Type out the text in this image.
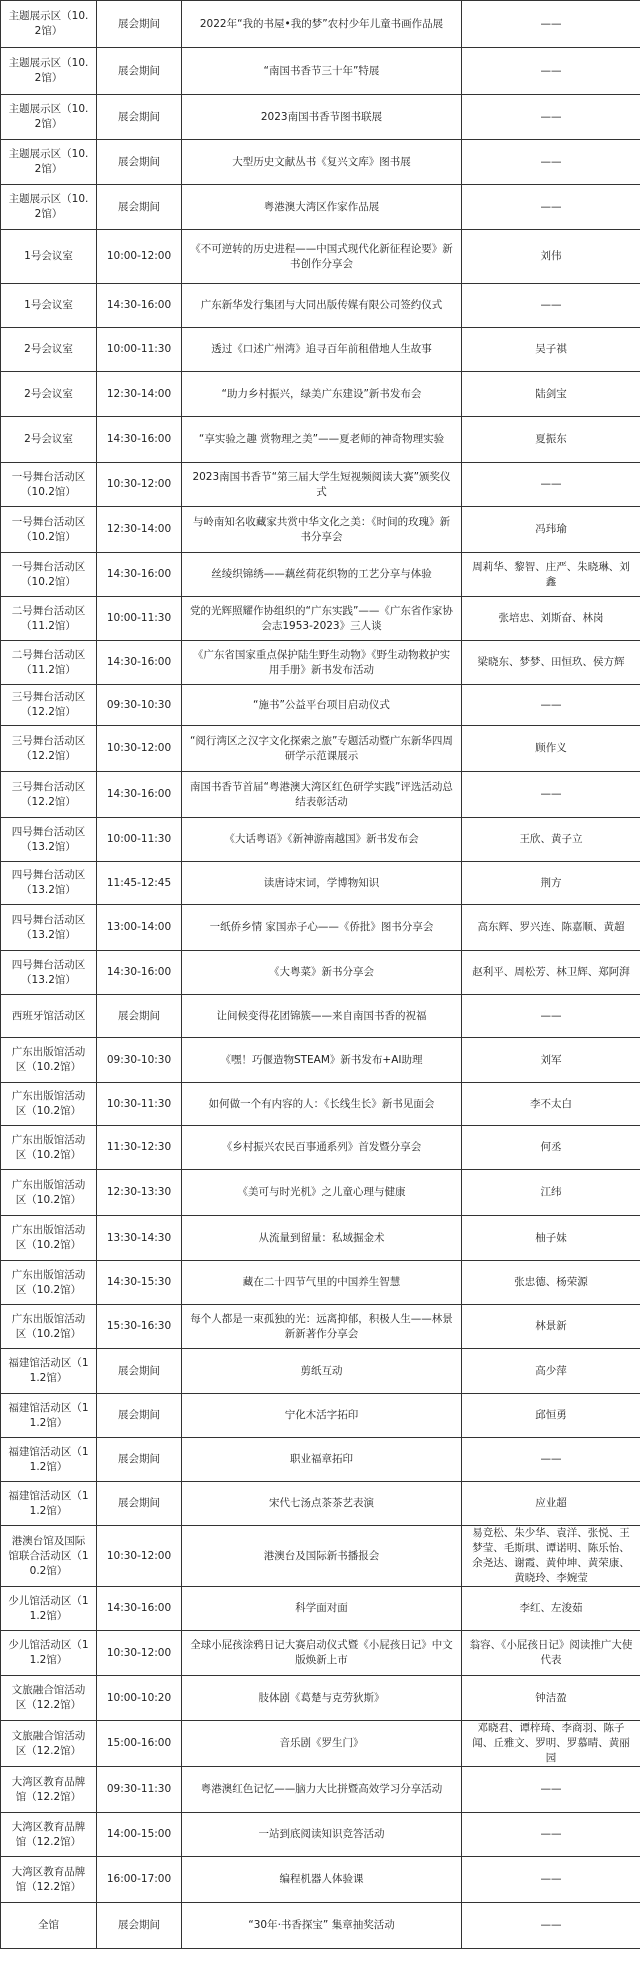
主题展示区（10.2馆）	展会期间	2022年“我的书屋•我的梦”农村少年儿童书画作品展	——
主题展示区（10.2馆）	展会期间	“南国书香节三十年”特展	——
主题展示区（10.2馆）	展会期间	2023南国书香节图书联展	——
主题展示区（10.2馆）	展会期间	大型历史文献丛书《复兴文库》图书展	——
主题展示区（10.2馆）	展会期间	粤港澳大湾区作家作品展	——
1号会议室	10:00-12:00	《不可逆转的历史进程——中国式现代化新征程论要》新书创作分享会	刘伟
1号会议室	14:30-16:00	广东新华发行集团与大同出版传媒有限公司签约仪式	——
2号会议室	10:00-11:30	透过《口述广州湾》追寻百年前租借地人生故事	吴子祺
2号会议室	12:30-14:00	“助力乡村振兴，绿美广东建设”新书发布会	陆剑宝
2号会议室	14:30-16:00	“享实验之趣 赏物理之美”——夏老师的神奇物理实验	夏振东
一号舞台活动区（10.2馆）	10:30-12:00	2023南国书香节“第三届大学生短视频阅读大赛”颁奖仪式	——
一号舞台活动区（10.2馆）	12:30-14:00	与岭南知名收藏家共赏中华文化之美：《时间的玫瑰》新书分享会	冯玮瑜
一号舞台活动区（10.2馆）	14:30-16:00	丝绫织锦绣——藕丝荷花织物的工艺分享与体验	周莉华、黎智、庄严、朱晓琳、刘鑫
二号舞台活动区（11.2馆）	10:00-11:30	党的光辉照耀作协组织的“广东实践”——《广东省作家协会志1953-2023》三人谈	张培忠、刘斯奋、林岗
二号舞台活动区（11.2馆）	14:30-16:00	《广东省国家重点保护陆生野生动物》《野生动物救护实用手册》新书发布活动	梁晓东、梦梦、田恒玖、侯方辉
三号舞台活动区（12.2馆）	09:30-10:30	“施书”公益平台项目启动仪式	——
三号舞台活动区（12.2馆）	10:30-12:00	“阅行湾区之汉字文化探索之旅”专题活动暨广东新华四周研学示范课展示	顾作义
三号舞台活动区（12.2馆）	14:30-16:00	南国书香节首届“粤港澳大湾区红色研学实践”评选活动总结表彰活动	——
四号舞台活动区（13.2馆）	10:00-11:30	《大话粤语》《新神游南越国》新书发布会	王欣、黄子立
四号舞台活动区（13.2馆）	11:45-12:45	读唐诗宋词，学博物知识	荆方
四号舞台活动区（13.2馆）	13:00-14:00	一纸侨乡情 家国赤子心——《侨批》图书分享会	高东辉、罗兴连、陈嘉顺、黄超
四号舞台活动区（13.2馆）	14:30-16:00	《大粤菜》新书分享会	赵利平、周松芳、林卫辉、郑阿湃
西班牙馆活动区	展会期间	让间候变得花团锦簇——来自南国书香的祝福	——
广东出版馆活动区（10.2馆）	09:30-10:30	《嘿！巧偃造物STEAM》新书发布+AI助理	刘军
广东出版馆活动区（10.2馆）	10:30-11:30	如何做一个有内容的人：《长线生长》新书见面会	李不太白
广东出版馆活动区（10.2馆）	11:30-12:30	《乡村振兴农民百事通系列》首发暨分享会	何丞
广东出版馆活动区（10.2馆）	12:30-13:30	《美可与时光机》之儿童心理与健康	江纬
广东出版馆活动区（10.2馆）	13:30-14:30	从流量到留量：私域掘金术	柚子妹
广东出版馆活动区（10.2馆）	14:30-15:30	藏在二十四节气里的中国养生智慧	张忠德、杨荣源
广东出版馆活动区（10.2馆）	15:30-16:30	每个人都是一束孤独的光：远离抑郁，积极人生——林景新新著作分享会	林景新
福建馆活动区（11.2馆）	展会期间	剪纸互动	高少萍
福建馆活动区（11.2馆）	展会期间	宁化木活字拓印	邱恒勇
福建馆活动区（11.2馆）	展会期间	职业福章拓印	——
福建馆活动区（11.2馆）	展会期间	宋代七汤点茶茶艺表演	应业超
港澳台馆及国际馆联合活动区（10.2馆）	10:30-12:00	港澳台及国际新书播报会	易竞松、朱少华、袁洋、张悦、王梦莹、毛斯琪、谭诺明、陈乐怡、余尧达、谢霞、黄仲坤、黄荣康、黄晓玲、李婉莹
少儿馆活动区（11.2馆）	14:30-16:00	科学面对面	李红、左浚茹
少儿馆活动区（11.2馆）	10:30-12:00	全球小屁孩涂鸦日记大赛启动仪式暨《小屁孩日记》中文版焕新上市	翁容、《小屁孩日记》阅读推广大使代表
文旅融合馆活动区（12.2馆）	10:00-10:20	肢体剧《葛楚与克劳狄斯》	钟洁盈
文旅融合馆活动区（12.2馆）	15:00-16:00	音乐剧《罗生门》	邓晓君、谭梓琦、李商羽、陈子闻、丘雅文、罗明、罗慕晴、黄丽园
大湾区教育品牌馆（12.2馆）	09:30-11:30	粤港澳红色记忆——脑力大比拼暨高效学习分享活动	——
大湾区教育品牌馆（12.2馆）	14:00-15:00	一站到底阅读知识竞答活动	——
大湾区教育品牌馆（12.2馆）	16:00-17:00	编程机器人体验课	——
全馆	展会期间	“30年·书香探宝” 集章抽奖活动	——
